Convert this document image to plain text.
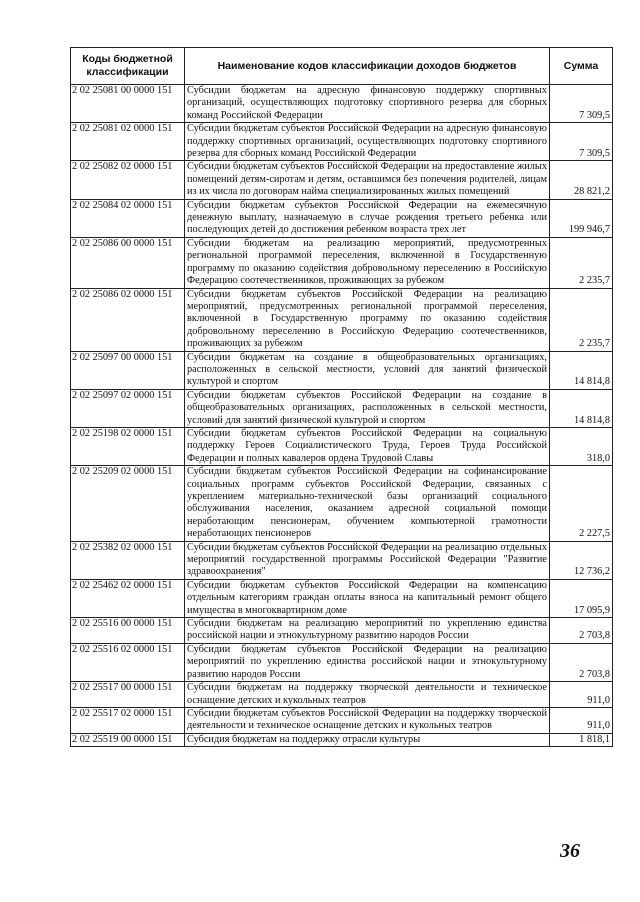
Коды бюджетной классификации	Наименование кодов классификации доходов бюджетов	Сумма
2 02 25081 00 0000 151	Субсидии бюджетам на адресную финансовую поддержку спортивных организаций, осуществляющих подготовку спортивного резерва для сборных команд Российской Федерации	7 309,5
2 02 25081 02 0000 151	Субсидии бюджетам субъектов Российской Федерации на адресную финансовую поддержку спортивных организаций, осуществляющих подготовку спортивного резерва для сборных команд Российской Федерации	7 309,5
2 02 25082 02 0000 151	Субсидии бюджетам субъектов Российской Федерации на предоставление жилых помещений детям-сиротам и детям, оставшимся без попечения родителей, лицам из их числа по договорам найма специализированных жилых помещений	28 821,2
2 02 25084 02 0000 151	Субсидии бюджетам субъектов Российской Федерации на ежемесячную денежную выплату, назначаемую в случае рождения третьего ребенка или последующих детей до достижения ребенком возраста трех лет	199 946,7
2 02 25086 00 0000 151	Субсидии бюджетам на реализацию мероприятий, предусмотренных региональной программой переселения, включенной в Государственную программу по оказанию содействия добровольному переселению в Российскую Федерацию соотечественников, проживающих за рубежом	2 235,7
2 02 25086 02 0000 151	Субсидии бюджетам субъектов Российской Федерации на реализацию мероприятий, предусмотренных региональной программой переселения, включенной в Государственную программу по оказанию содействия добровольному переселению в Российскую Федерацию соотечественников, проживающих за рубежом	2 235,7
2 02 25097 00 0000 151	Субсидии бюджетам на создание в общеобразовательных организациях, расположенных в сельской местности, условий для занятий физической культурой и спортом	14 814,8
2 02 25097 02 0000 151	Субсидии бюджетам субъектов Российской Федерации на создание в общеобразовательных организациях, расположенных в сельской местности, условий для занятий физической культурой и спортом	14 814,8
2 02 25198 02 0000 151	Субсидии бюджетам субъектов Российской Федерации на социальную поддержку Героев Социалистического Труда, Героев Труда Российской Федерации и полных кавалеров ордена Трудовой Славы	318,0
2 02 25209 02 0000 151	Субсидии бюджетам субъектов Российской Федерации на софинансирование социальных программ субъектов Российской Федерации, связанных с укреплением материально-технической базы организаций социального обслуживания населения, оказанием адресной социальной помощи неработающим пенсионерам, обучением компьютерной грамотности неработающих пенсионеров	2 227,5
2 02 25382 02 0000 151	Субсидии бюджетам субъектов Российской Федерации на реализацию отдельных мероприятий государственной программы Российской Федерации "Развитие здравоохранения"	12 736,2
2 02 25462 02 0000 151	Субсидии бюджетам субъектов Российской Федерации на компенсацию отдельным категориям граждан оплаты взноса на капитальный ремонт общего имущества в многоквартирном доме	17 095,9
2 02 25516 00 0000 151	Субсидии бюджетам на реализацию мероприятий по укреплению единства российской нации и этнокультурному развитию народов России	2 703,8
2 02 25516 02 0000 151	Субсидии бюджетам субъектов Российской Федерации на реализацию мероприятий по укреплению единства российской нации и этнокультурному развитию народов России	2 703,8
2 02 25517 00 0000 151	Субсидии бюджетам на поддержку творческой деятельности и техническое оснащение детских и кукольных театров	911,0
2 02 25517 02 0000 151	Субсидии бюджетам субъектов Российской Федерации на поддержку творческой деятельности и техническое оснащение детских и кукольных театров	911,0
2 02 25519 00 0000 151	Субсидия бюджетам на поддержку отрасли культуры	1 818,1
36
